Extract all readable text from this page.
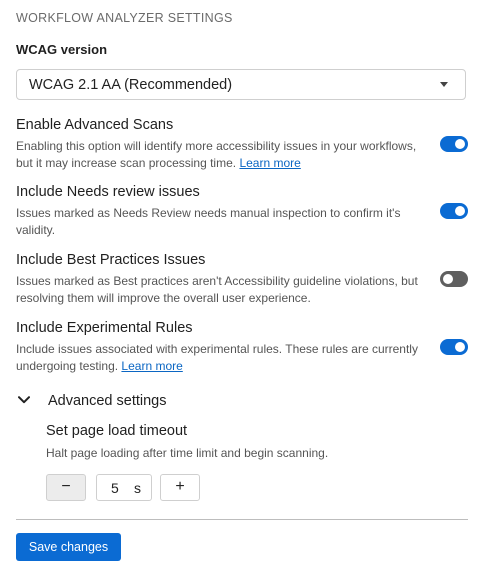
WORKFLOW ANALYZER SETTINGS
WCAG version
WCAG 2.1 AA (Recommended)
Enable Advanced Scans
Enabling this option will identify more accessibility issues in your workflows, but it may increase scan processing time. Learn more
Include Needs review issues
Issues marked as Needs Review needs manual inspection to confirm it's validity.
Include Best Practices Issues
Issues marked as Best practices aren't Accessibility guideline violations, but resolving them will improve the overall user experience.
Include Experimental Rules
Include issues associated with experimental rules. These rules are currently undergoing testing. Learn more
Advanced settings
Set page load timeout
Halt page loading after time limit and begin scanning.
−	5 s	+
Save changes
